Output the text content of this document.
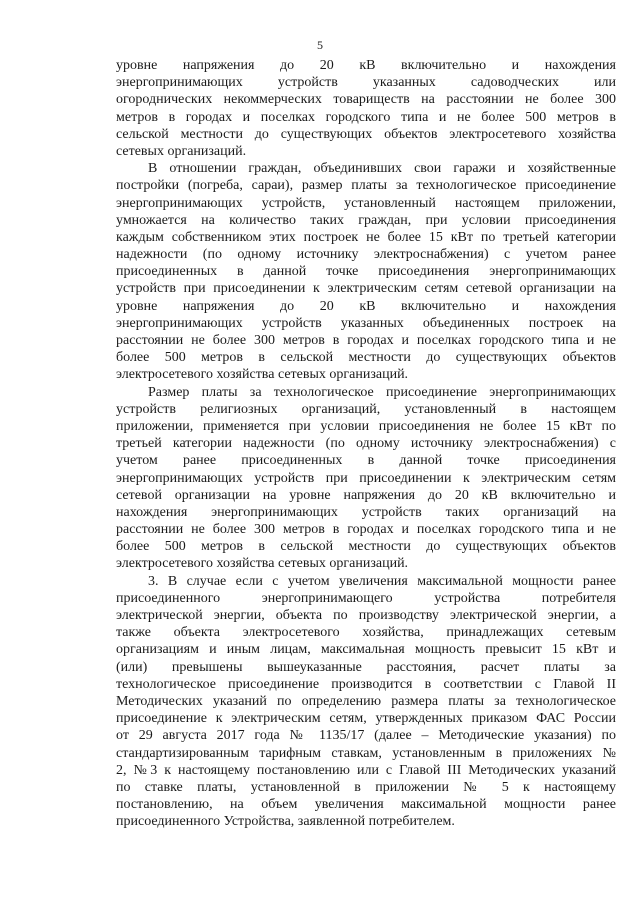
5
уровне напряжения до 20 кВ включительно и нахождения
энергопринимающих устройств указанных садоводческих или
огороднических некоммерческих товариществ на расстоянии не более 300
метров в городах и поселках городского типа и не более 500 метров в
сельской местности до существующих объектов электросетевого хозяйства
сетевых организаций.
В отношении граждан, объединивших свои гаражи и хозяйственные
постройки (погреба, сараи), размер платы за технологическое присоединение
энергопринимающих устройств, установленный настоящем приложении,
умножается на количество таких граждан, при условии присоединения
каждым собственником этих построек не более 15 кВт по третьей категории
надежности (по одному источнику электроснабжения) с учетом ранее
присоединенных в данной точке присоединения энергопринимающих
устройств при присоединении к электрическим сетям сетевой организации на
уровне напряжения до 20 кВ включительно и нахождения
энергопринимающих устройств указанных объединенных построек на
расстоянии не более 300 метров в городах и поселках городского типа и не
более 500 метров в сельской местности до существующих объектов
электросетевого хозяйства сетевых организаций.
Размер платы за технологическое присоединение энергопринимающих
устройств религиозных организаций, установленный в настоящем
приложении, применяется при условии присоединения не более 15 кВт по
третьей категории надежности (по одному источнику электроснабжения) с
учетом ранее присоединенных в данной точке присоединения
энергопринимающих устройств при присоединении к электрическим сетям
сетевой организации на уровне напряжения до 20 кВ включительно и
нахождения энергопринимающих устройств таких организаций на
расстоянии не более 300 метров в городах и поселках городского типа и не
более 500 метров в сельской местности до существующих объектов
электросетевого хозяйства сетевых организаций.
3. В случае если с учетом увеличения максимальной мощности ранее
присоединенного энергопринимающего устройства потребителя
электрической энергии, объекта по производству электрической энергии, а
также объекта электросетевого хозяйства, принадлежащих сетевым
организациям и иным лицам, максимальная мощность превысит 15 кВт и
(или) превышены вышеуказанные расстояния, расчет платы за
технологическое присоединение производится в соответствии с Главой II
Методических указаний по определению размера платы за технологическое
присоединение к электрическим сетям, утвержденных приказом ФАС России
от 29 августа 2017 года № 1135/17 (далее – Методические указания) по
стандартизированным тарифным ставкам, установленным в приложениях №
2, №3 к настоящему постановлению или с Главой III Методических указаний
по ставке платы, установленной в приложении № 5 к настоящему
постановлению, на объем увеличения максимальной мощности ранее
присоединенного Устройства, заявленной потребителем.
